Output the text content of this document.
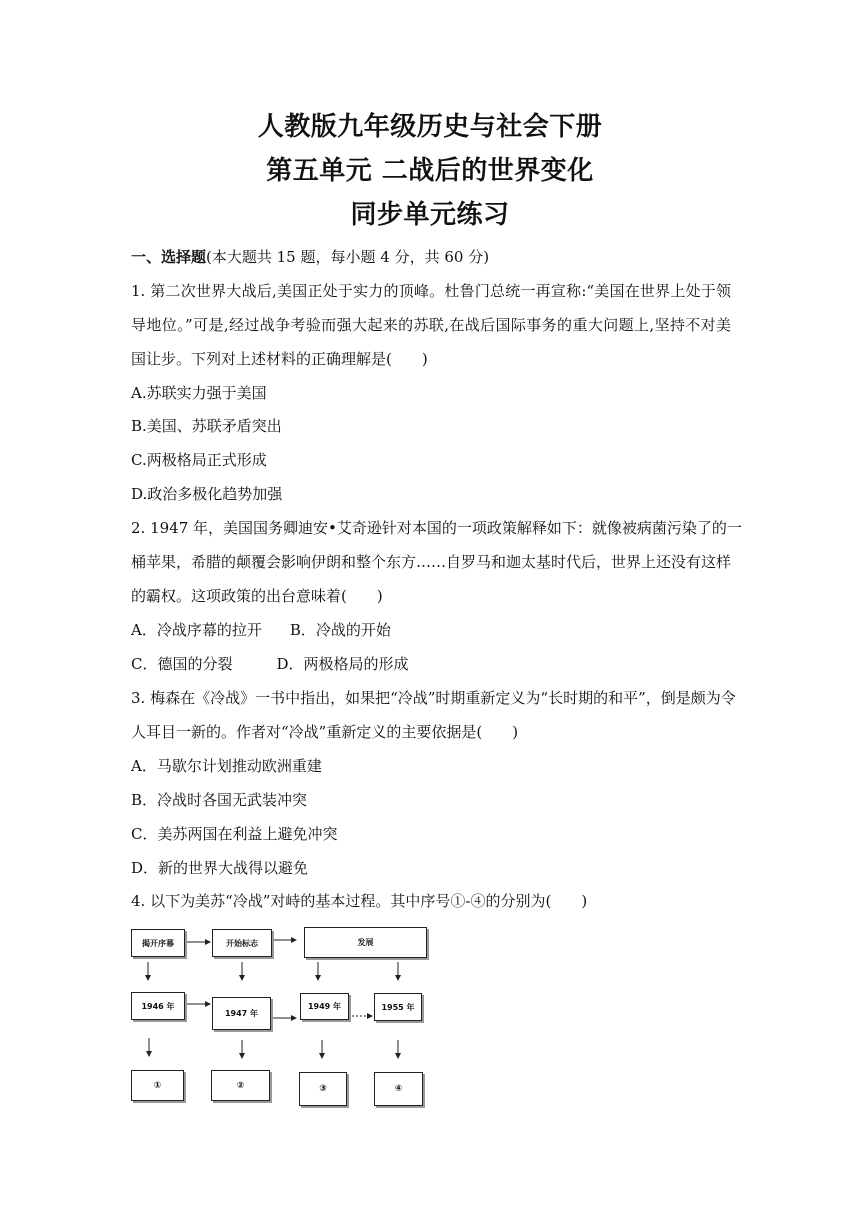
人教版九年级历史与社会下册
第五单元 二战后的世界变化
同步单元练习
一、选择题(本大题共 15 题，每小题 4 分，共 60 分)
1. 第二次世界大战后,美国正处于实力的顶峰。杜鲁门总统一再宣称:“美国在世界上处于领
导地位。”可是,经过战争考验而强大起来的苏联,在战后国际事务的重大问题上,坚持不对美
国让步。下列对上述材料的正确理解是(　　)
A.苏联实力强于美国
B.美国、苏联矛盾突出
C.两极格局正式形成
D.政治多极化趋势加强
2. 1947 年，美国国务卿迪安•艾奇逊针对本国的一项政策解释如下：就像被病菌污染了的一
桶苹果，希腊的颠覆会影响伊朗和整个东方……自罗马和迦太基时代后，世界上还没有这样
的霸权。这项政策的出台意味着(　　)
A．冷战序幕的拉开 B．冷战的开始
C．德国的分裂	D．两极格局的形成
3. 梅森在《冷战》一书中指出，如果把“冷战”时期重新定义为“长时期的和平”，倒是颇为令
人耳目一新的。作者对“冷战”重新定义的主要依据是(　　)
A．马歇尔计划推动欧洲重建
B．冷战时各国无武装冲突
C．美苏两国在利益上避免冲突
D．新的世界大战得以避免
4. 以下为美苏“冷战”对峙的基本过程。其中序号①-④的分别为(　　)
揭开序幕	开始标志	发展
1946 年
1947 年
1949 年	1955 年
①	②	③	④
